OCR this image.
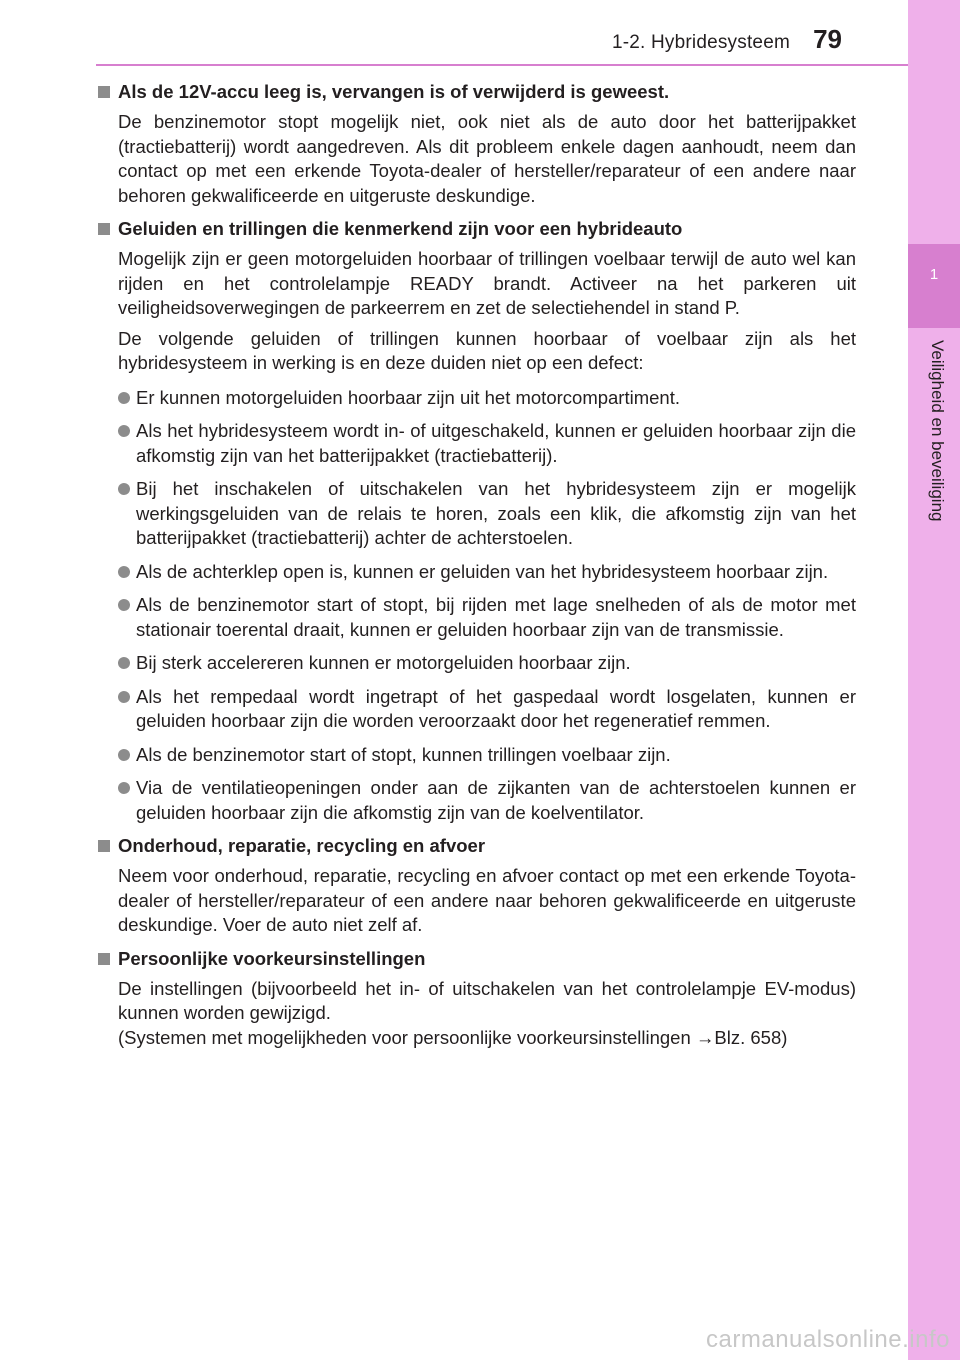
1-2. Hybridesysteem 79
1
Veiligheid en beveiliging
Als de 12V-accu leeg is, vervangen is of verwijderd is geweest.

De benzinemotor stopt mogelijk niet, ook niet als de auto door het batterijpakket (tractiebatterij) wordt aangedreven. Als dit probleem enkele dagen aanhoudt, neem dan contact op met een erkende Toyota-dealer of hersteller/reparateur of een andere naar behoren gekwalificeerde en uitgeruste deskundige.

Geluiden en trillingen die kenmerkend zijn voor een hybrideauto

Mogelijk zijn er geen motorgeluiden hoorbaar of trillingen voelbaar terwijl de auto wel kan rijden en het controlelampje READY brandt. Activeer na het parkeren uit veiligheidsoverwegingen de parkeerrem en zet de selectiehendel in stand P.

De volgende geluiden of trillingen kunnen hoorbaar of voelbaar zijn als het hybridesysteem in werking is en deze duiden niet op een defect:

Er kunnen motorgeluiden hoorbaar zijn uit het motorcompartiment.
Als het hybridesysteem wordt in- of uitgeschakeld, kunnen er geluiden hoorbaar zijn die afkomstig zijn van het batterijpakket (tractiebatterij).
Bij het inschakelen of uitschakelen van het hybridesysteem zijn er mogelijk werkingsgeluiden van de relais te horen, zoals een klik, die afkomstig zijn van het batterijpakket (tractiebatterij) achter de achterstoelen.
Als de achterklep open is, kunnen er geluiden van het hybridesysteem hoorbaar zijn.
Als de benzinemotor start of stopt, bij rijden met lage snelheden of als de motor met stationair toerental draait, kunnen er geluiden hoorbaar zijn van de transmissie.
Bij sterk accelereren kunnen er motorgeluiden hoorbaar zijn.
Als het rempedaal wordt ingetrapt of het gaspedaal wordt losgelaten, kunnen er geluiden hoorbaar zijn die worden veroorzaakt door het regeneratief remmen.
Als de benzinemotor start of stopt, kunnen trillingen voelbaar zijn.
Via de ventilatieopeningen onder aan de zijkanten van de achterstoelen kunnen er geluiden hoorbaar zijn die afkomstig zijn van de koelventilator.
Onderhoud, reparatie, recycling en afvoer

Neem voor onderhoud, reparatie, recycling en afvoer contact op met een erkende Toyota-dealer of hersteller/reparateur of een andere naar behoren gekwalificeerde en uitgeruste deskundige. Voer de auto niet zelf af.

Persoonlijke voorkeursinstellingen

De instellingen (bijvoorbeeld het in- of uitschakelen van het controlelampje EV-modus) kunnen worden gewijzigd.

(Systemen met mogelijkheden voor persoonlijke voorkeursinstellingen →Blz. 658)

carmanualsonline.info
